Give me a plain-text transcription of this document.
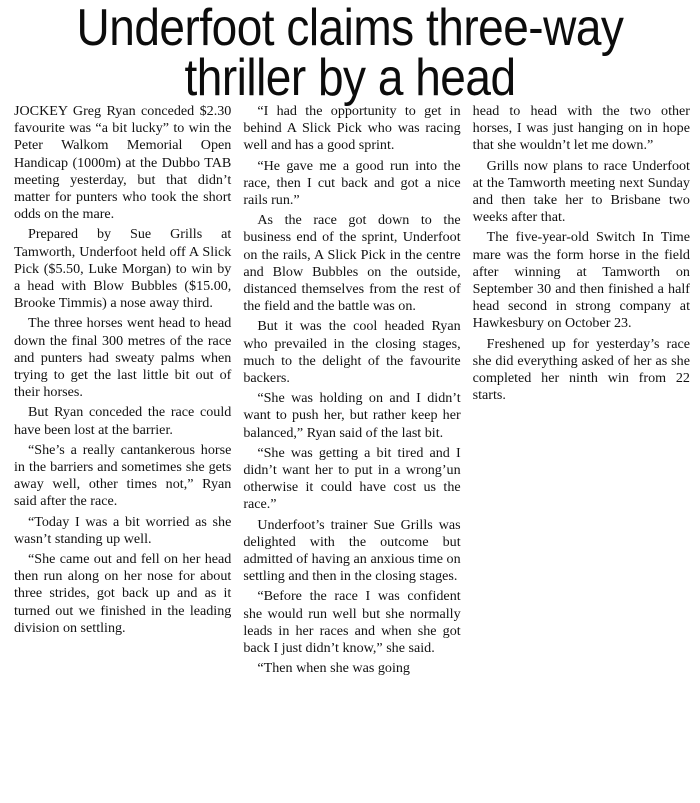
Underfoot claims three-way
thriller by a head

JOCKEY Greg Ryan conceded $2.30 favourite was “a bit lucky” to win the Peter Walkom Memorial Open Handicap (1000m) at the Dubbo TAB meeting yesterday, but that didn’t matter for punters who took the short odds on the mare.

Prepared by Sue Grills at Tamworth, Underfoot held off A Slick Pick ($5.50, Luke Morgan) to win by a head with Blow Bubbles ($15.00, Brooke Timmis) a nose away third.

The three horses went head to head down the final 300 metres of the race and punters had sweaty palms when trying to get the last little bit out of their horses.

But Ryan conceded the race could have been lost at the barrier.

“She’s a really cantankerous horse in the barriers and sometimes she gets away well, other times not,” Ryan said after the race.

“Today I was a bit worried as she wasn’t standing up well.

“She came out and fell on her head then run along on her nose for about three strides, got back up and as it turned out we finished in the leading division on settling.

“I had the opportunity to get in behind A Slick Pick who was racing well and has a good sprint.

“He gave me a good run into the race, then I cut back and got a nice rails run.”

As the race got down to the business end of the sprint, Underfoot on the rails, A Slick Pick in the centre and Blow Bubbles on the outside, distanced themselves from the rest of the field and the battle was on.

But it was the cool headed Ryan who prevailed in the closing stages, much to the delight of the favourite backers.

“She was holding on and I didn’t want to push her, but rather keep her balanced,” Ryan said of the last bit.

“She was getting a bit tired and I didn’t want her to put in a wrong’un otherwise it could have cost us the race.”

Underfoot’s trainer Sue Grills was delighted with the outcome but admitted of having an anxious time on settling and then in the closing stages.

“Before the race I was confident she would run well but she normally leads in her races and when she got back I just didn’t know,” she said.

“Then when she was going

head to head with the two other horses, I was just hanging on in hope that she wouldn’t let me down.”

Grills now plans to race Underfoot at the Tamworth meeting next Sunday and then take her to Brisbane two weeks after that.

The five-year-old Switch In Time mare was the form horse in the field after winning at Tamworth on September 30 and then finished a half head second in strong company at Hawkesbury on October 23.

Freshened up for yesterday’s race she did everything asked of her as she completed her ninth win from 22 starts.
